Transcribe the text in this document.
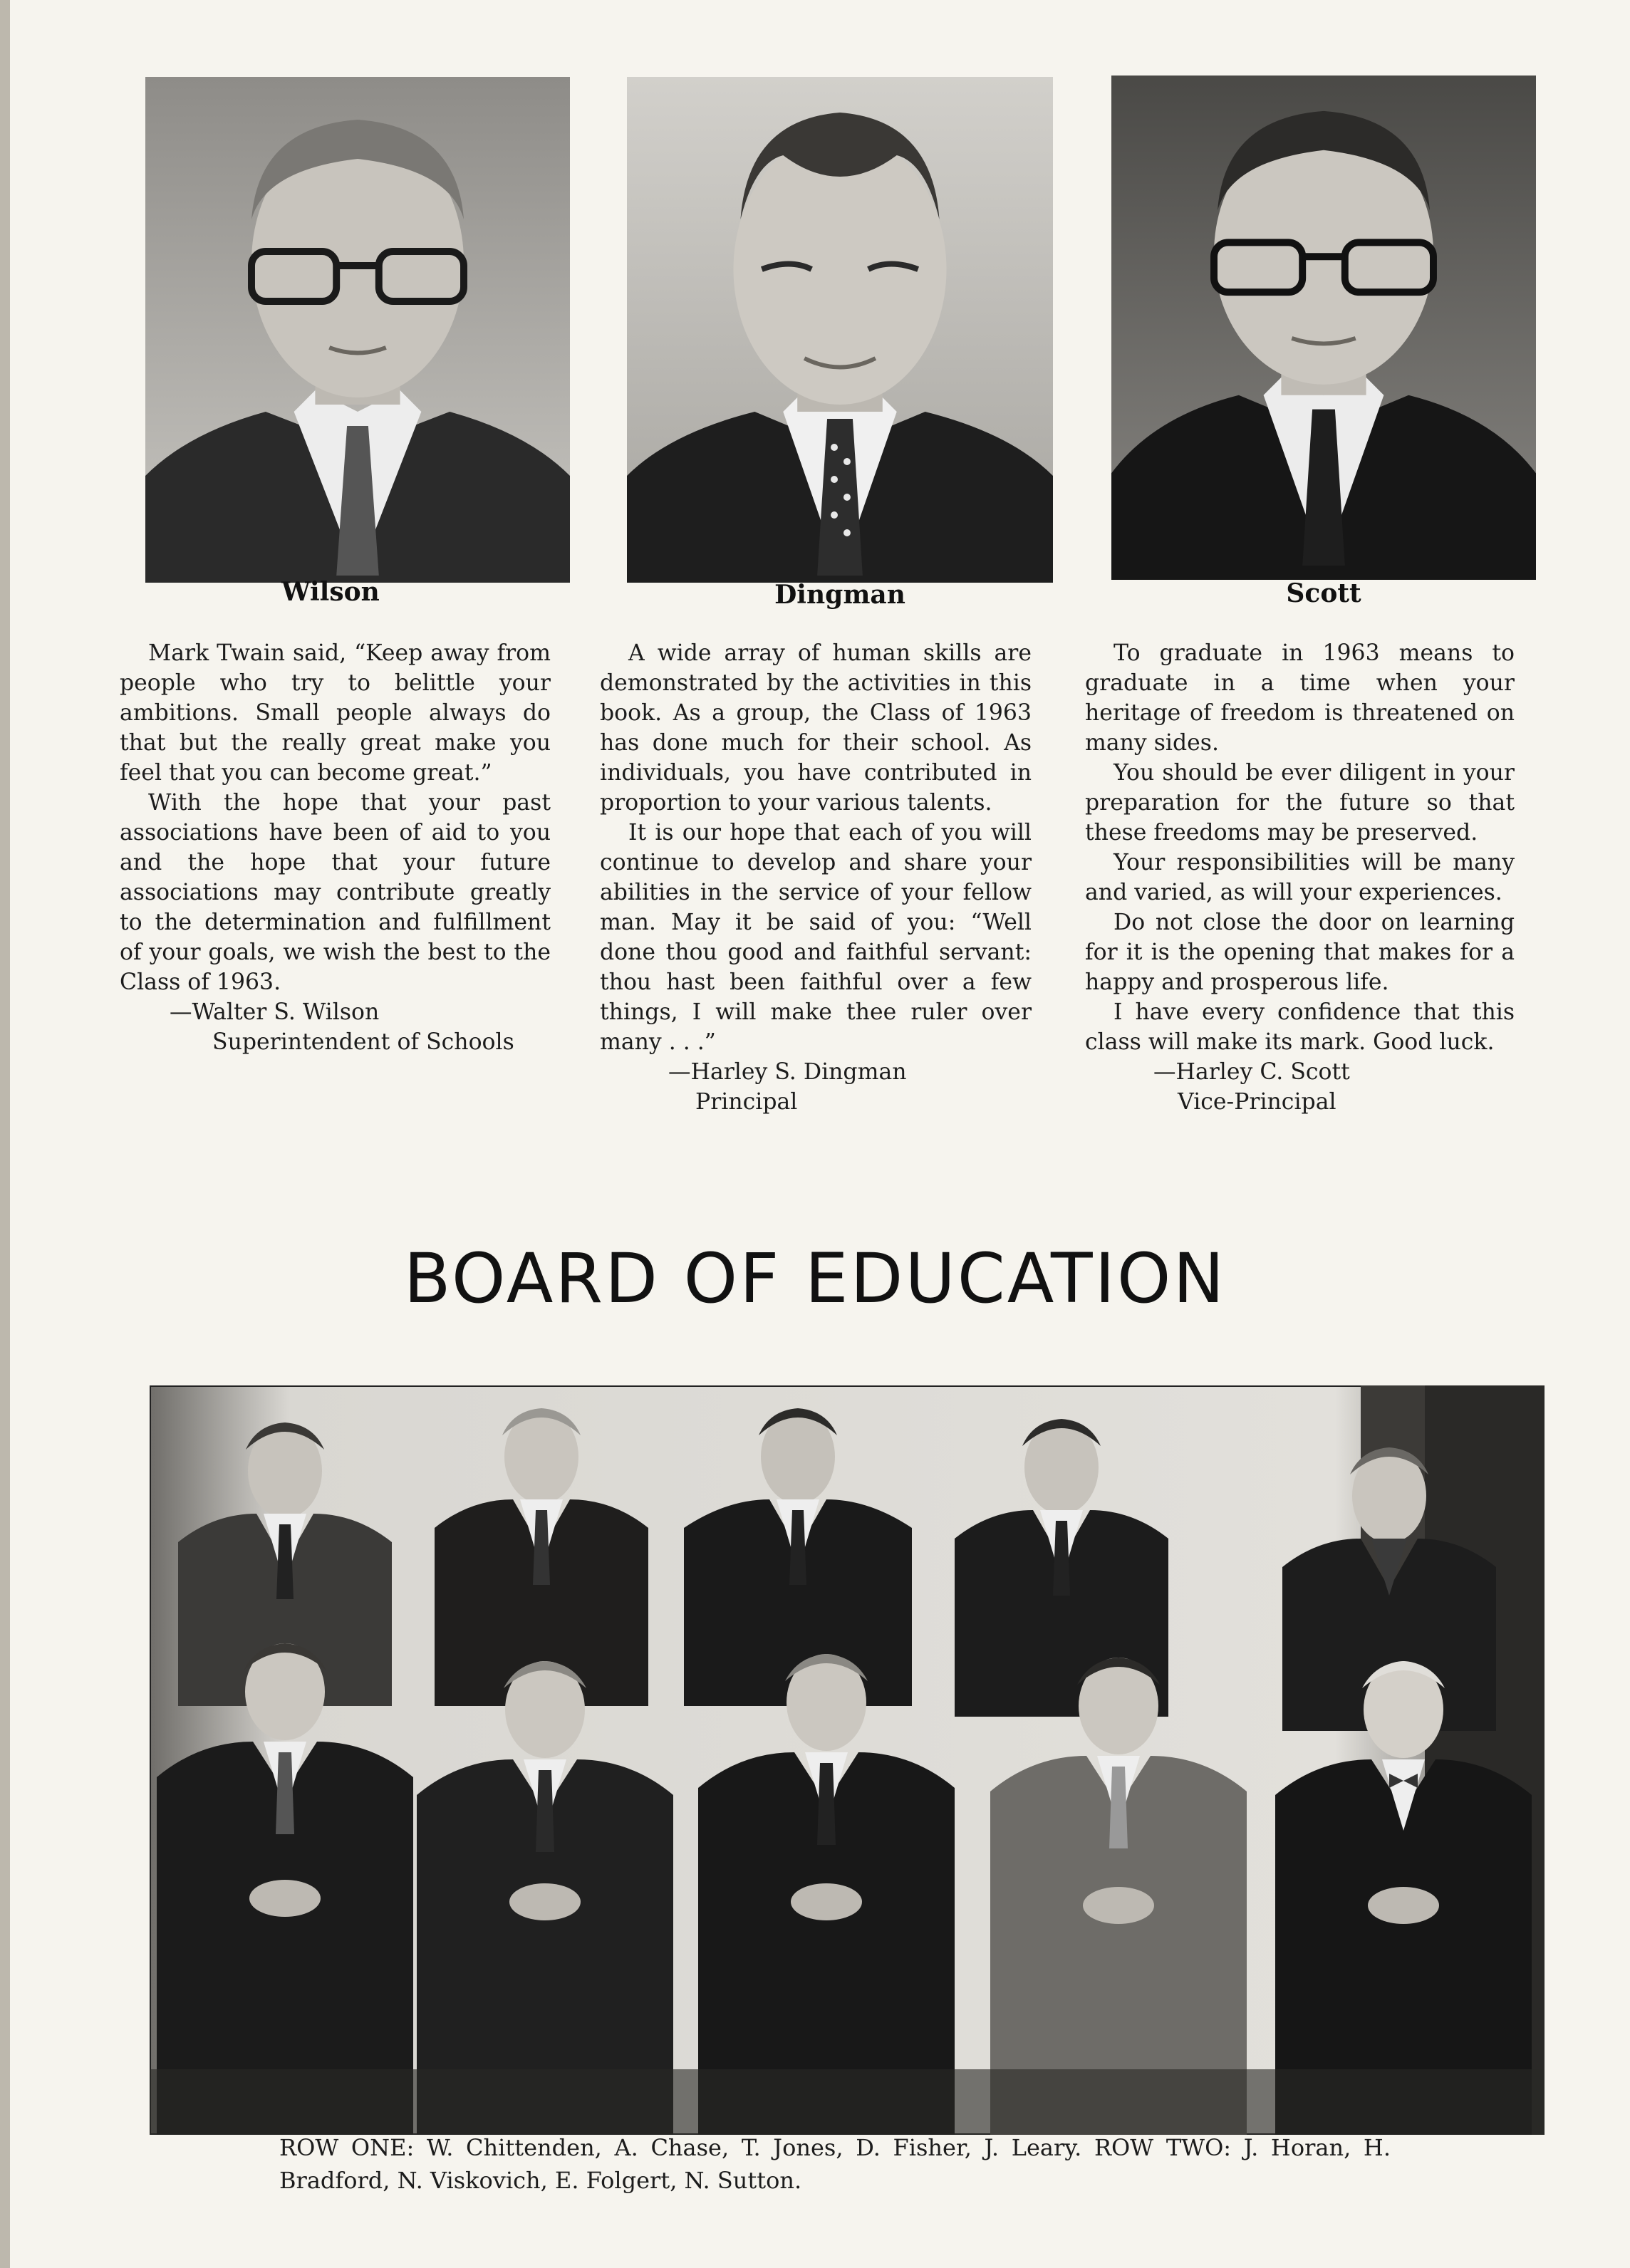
Wilson	Dingman	Scott

Mark Twain said, “Keep away from people who try to belittle your ambitions. Small people always do that but the really great make you feel that you can become great.”

With the hope that your past associations have been of aid to you and the hope that your future associations may contribute greatly to the determination and fulfillment of your goals, we wish the best to the Class of 1963.

—Walter S. Wilson

Superintendent of Schools

A wide array of human skills are demonstrated by the activities in this book. As a group, the Class of 1963 has done much for their school. As individuals, you have contributed in proportion to your various talents.

It is our hope that each of you will continue to develop and share your abilities in the service of your fellow man. May it be said of you: “Well done thou good and faithful servant: thou hast been faithful over a few things, I will make thee ruler over many . . .”

—Harley S. Dingman

Principal

To graduate in 1963 means to graduate in a time when your heritage of freedom is threatened on many sides.

You should be ever diligent in your preparation for the future so that these freedoms may be preserved.

Your responsibilities will be many and varied, as will your experiences.

Do not close the door on learning for it is the opening that makes for a happy and prosperous life.

I have every confidence that this class will make its mark. Good luck.

—Harley C. Scott

Vice-Principal

BOARD OF EDUCATION
ROW ONE: W. Chittenden, A. Chase, T. Jones, D. Fisher, J. Leary. ROW TWO: J. Horan, H. Bradford, N. Viskovich, E. Folgert, N. Sutton.
